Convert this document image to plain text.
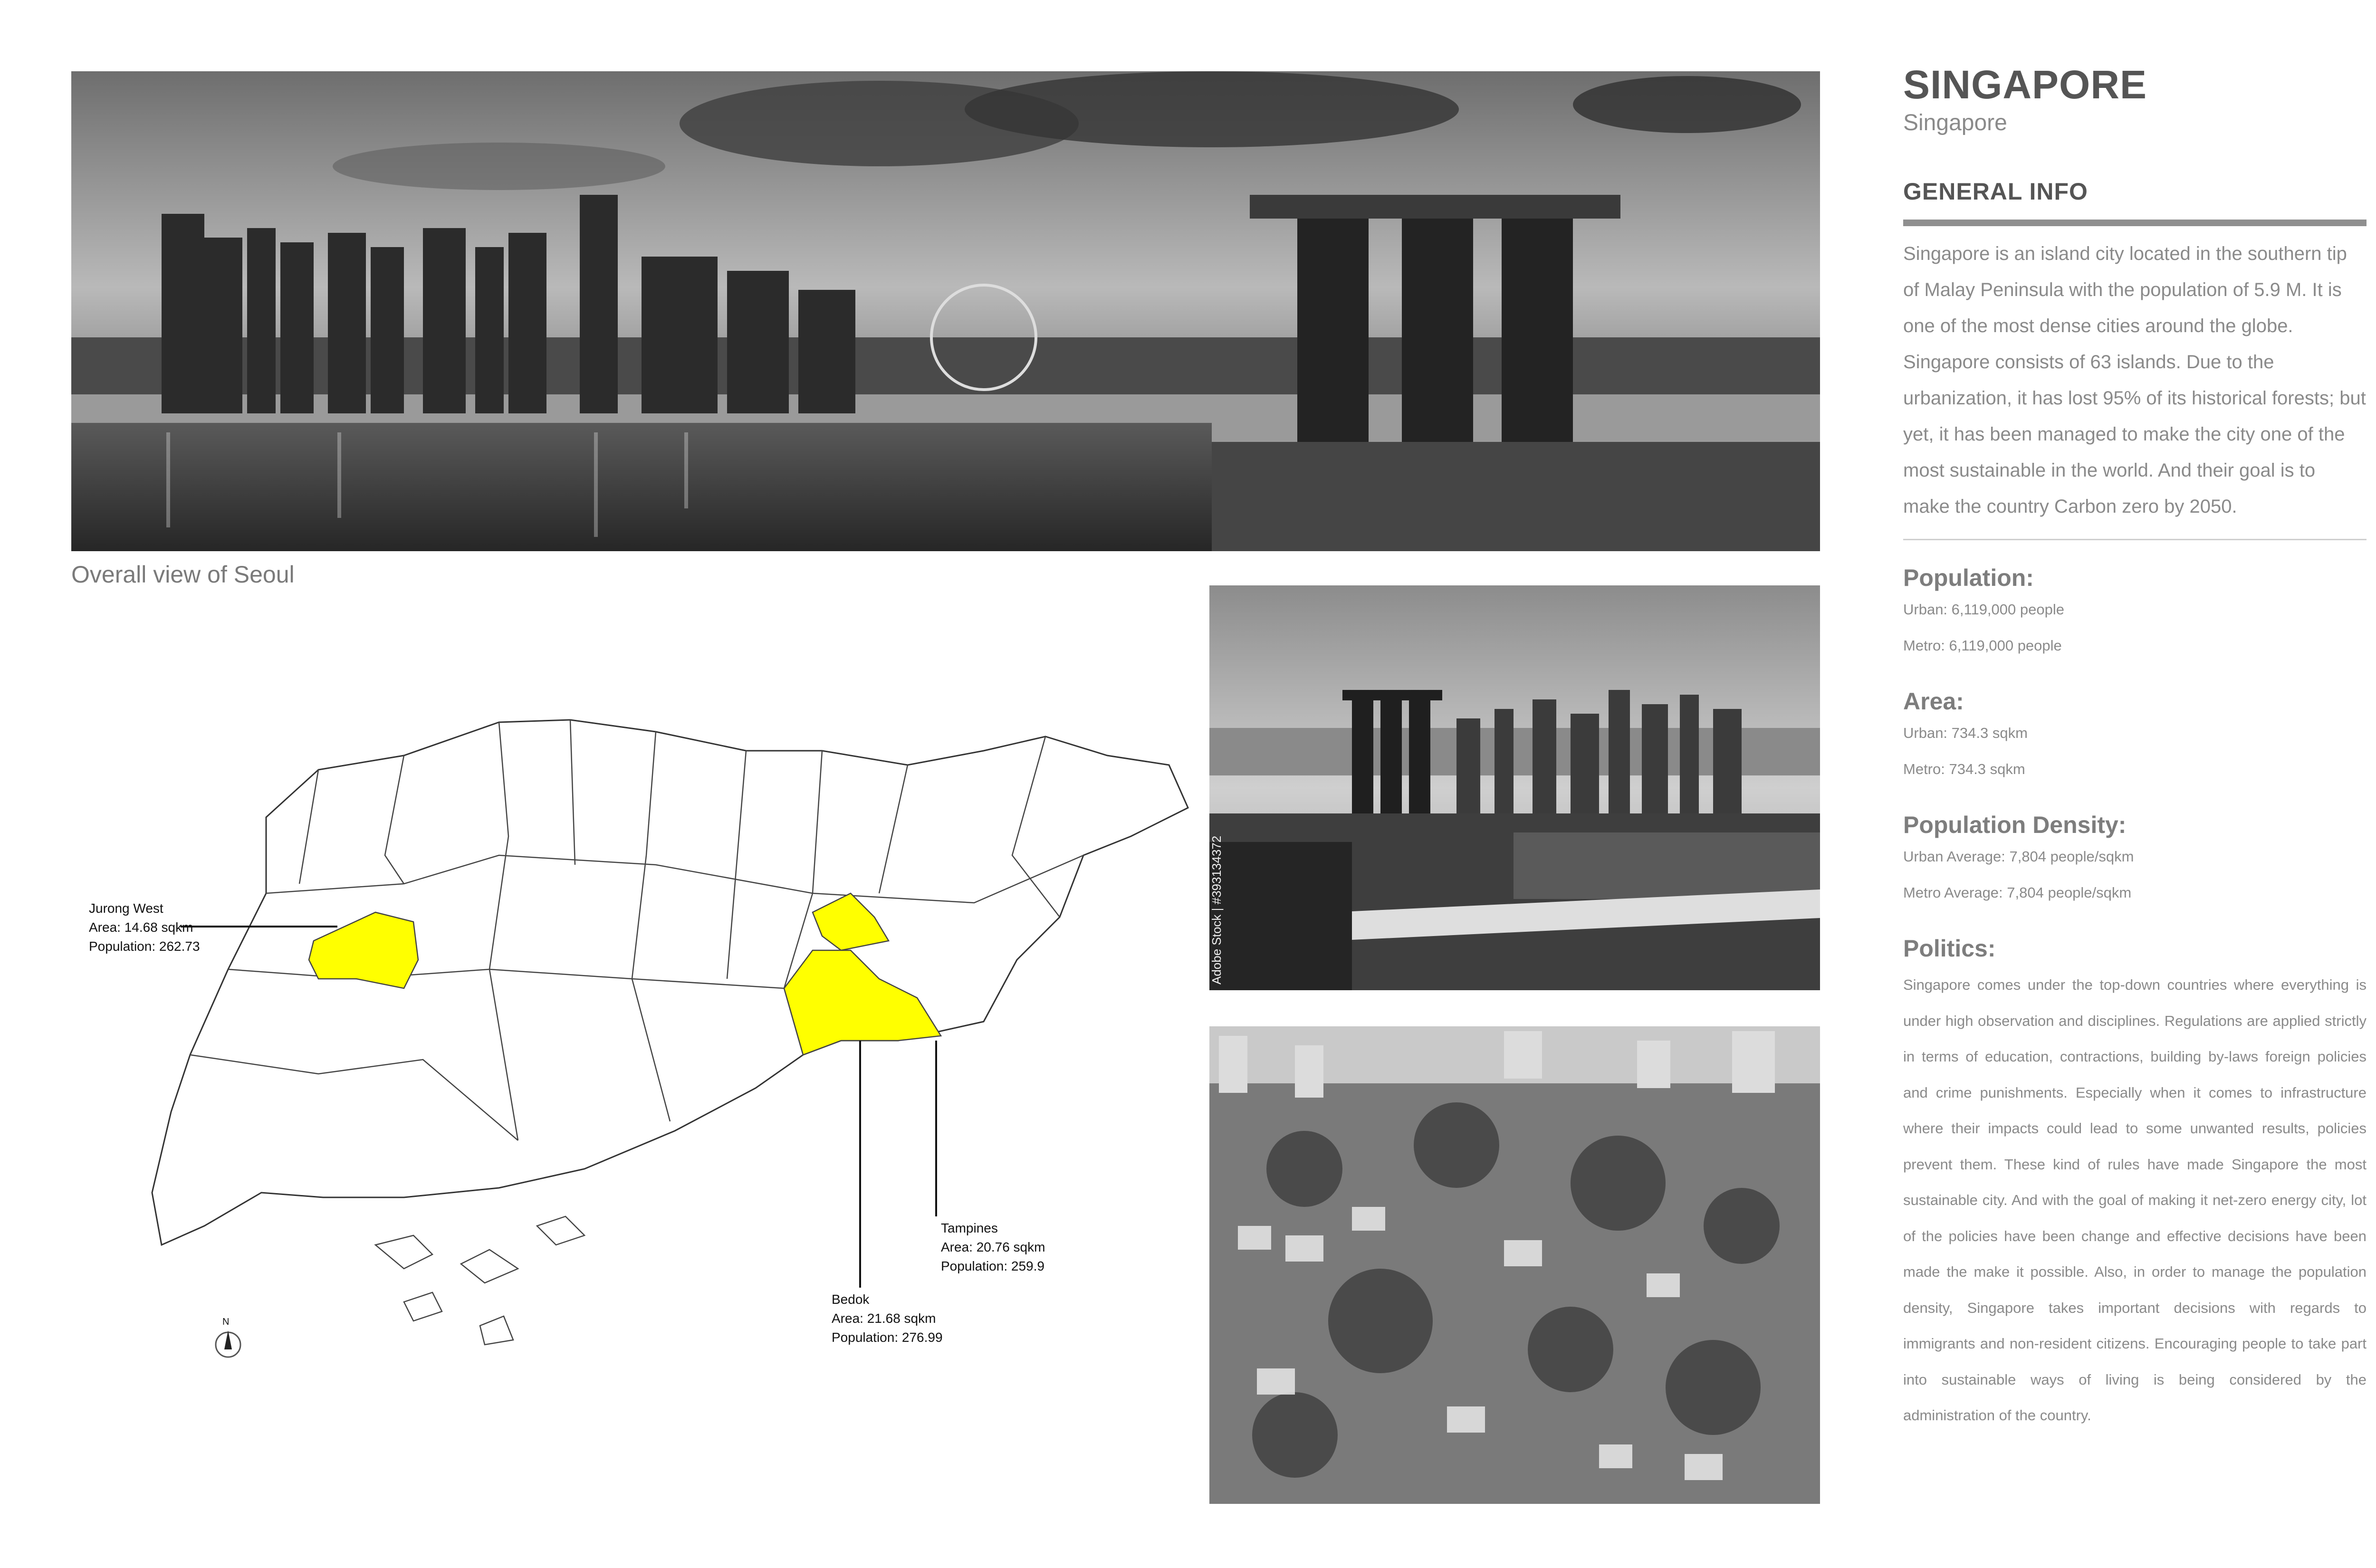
Overall view of Seoul
Jurong West
Area: 14.68 sqkm
Population: 262.73
Tampines
Area: 20.76 sqkm
Population: 259.9
Bedok
Area: 21.68 sqkm
Population: 276.99
N
Adobe Stock | #393134372
SINGAPORE
Singapore
GENERAL INFO
Singapore is an island city located in the southern tip of Malay Peninsula with the population of 5.9 M. It is one of the most dense cities around the globe. Singapore consists of 63 islands. Due to the urbanization, it has lost 95% of its historical forests; but yet, it has been managed to make the city one of the most sustainable in the world. And their goal is to make the country Carbon zero by 2050.
Population:
Urban: 6,119,000 people
Metro: 6,119,000 people
Area:
Urban: 734.3 sqkm
Metro: 734.3 sqkm
Population Density:
Urban Average: 7,804 people/sqkm
Metro Average: 7,804 people/sqkm
Politics:
Singapore comes under the top-down countries where everything is under high observation and disciplines. Regulations are applied strictly in terms of education, contractions, building by-laws foreign policies and crime punishments. Especially when it comes to infrastructure where their impacts could lead to some unwanted results, policies prevent them. These kind of rules have made Singapore the most sustainable city. And with the goal of making it net-zero energy city, lot of the policies have been change and effective decisions have been made the make it possible. Also, in order to manage the population density, Singapore takes important decisions with regards to immigrants and non-resident citizens. Encouraging people to take part into sustainable ways of living is being considered by the administration of the country.
